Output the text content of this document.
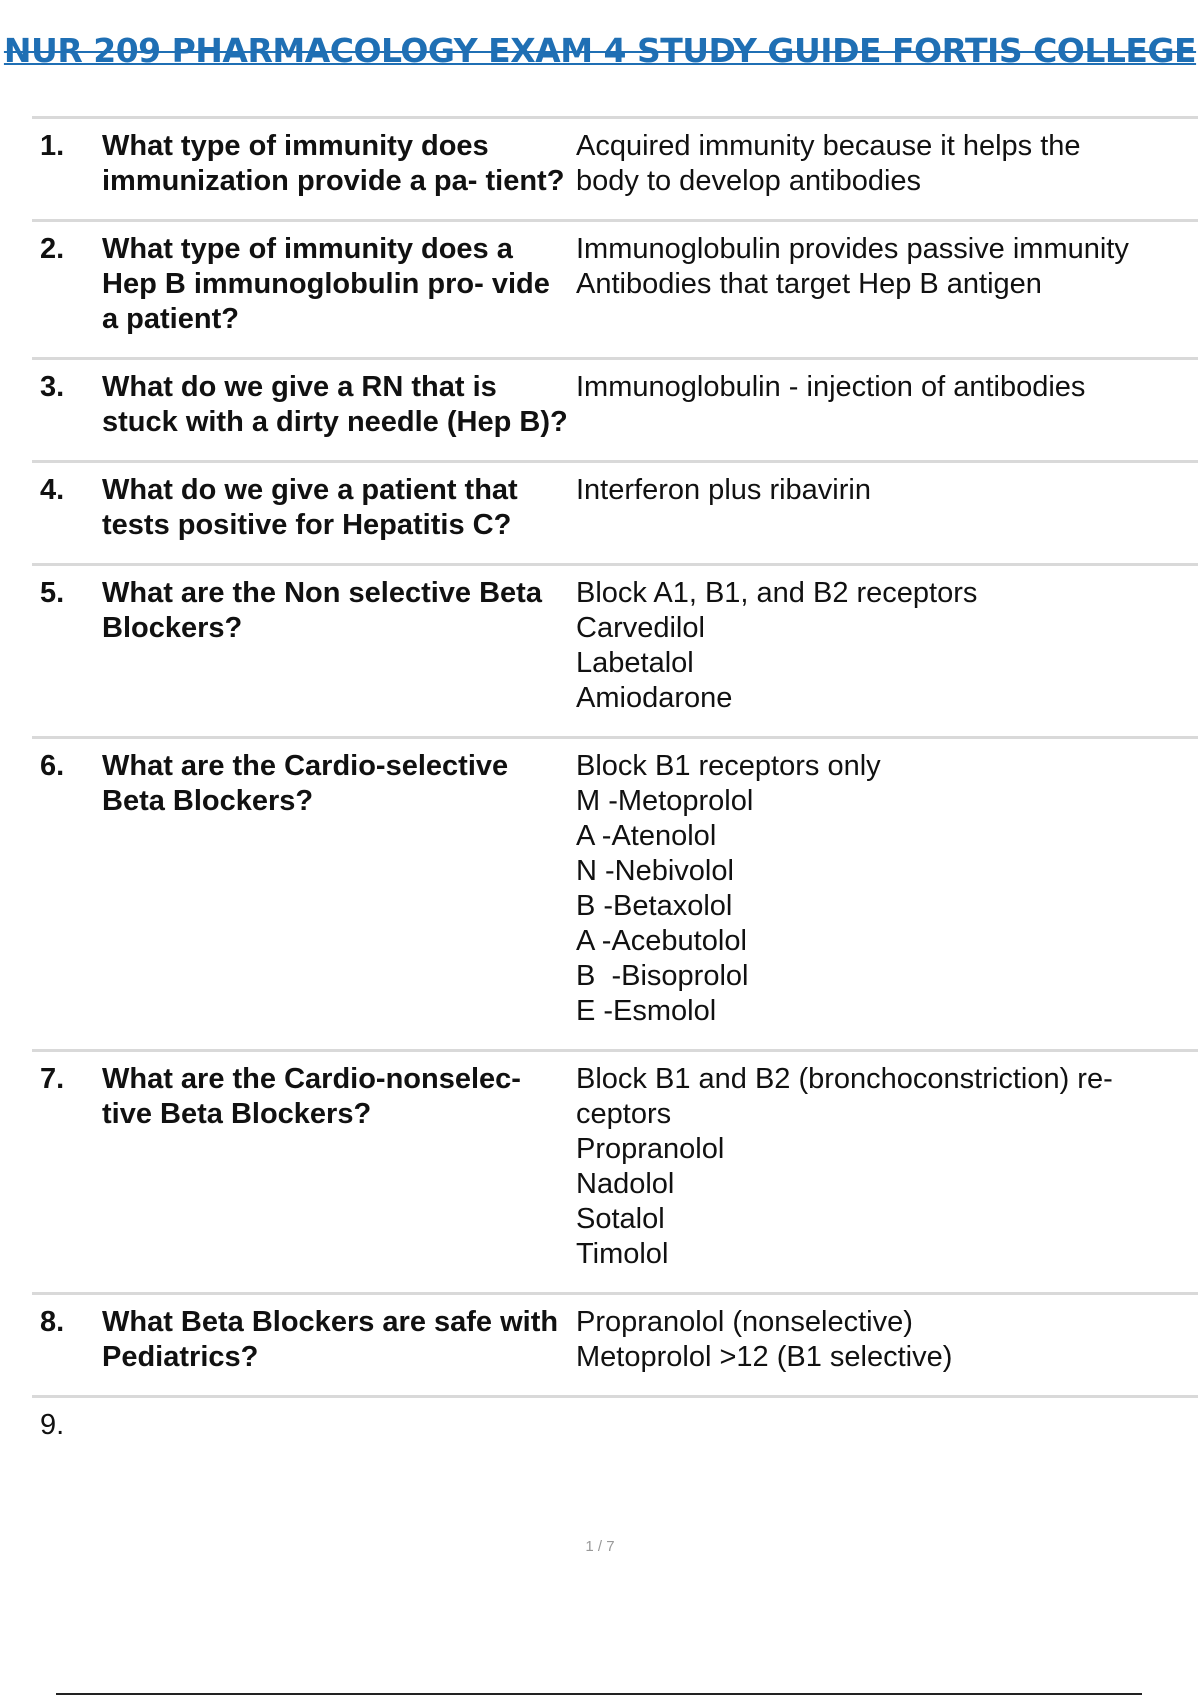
NUR 209 PHARMACOLOGY EXAM 4 STUDY GUIDE FORTIS COLLEGE
1.	What type of immunity does immunization provide a pa- tient?
Acquired immunity because it helps the
body to develop antibodies
2.	What type of immunity does a Hep B immunoglobulin pro- vide a patient?
Immunoglobulin provides passive immunity
Antibodies that target Hep B antigen
3.	What do we give a RN that is stuck with a dirty needle (Hep B)?
Immunoglobulin - injection of antibodies
4.	What do we give a patient that tests positive for Hepatitis C?
Interferon plus ribavirin
5.	What are the Non selective Beta Blockers?
Block A1, B1, and B2 receptors
Carvedilol
Labetalol
Amiodarone
6.	What are the Cardio-selective Beta Blockers?
Block B1 receptors only
M -Metoprolol
A -Atenolol
N -Nebivolol
B -Betaxolol
A -Acebutolol
B  -Bisoprolol
E -Esmolol
7.	What are the Cardio-nonselec- tive Beta Blockers?
Block B1 and B2 (bronchoconstriction) re-
ceptors
Propranolol
Nadolol
Sotalol
Timolol
8.	What Beta Blockers are safe with Pediatrics?
Propranolol (nonselective)
Metoprolol >12 (B1 selective)
9.
1 / 7
